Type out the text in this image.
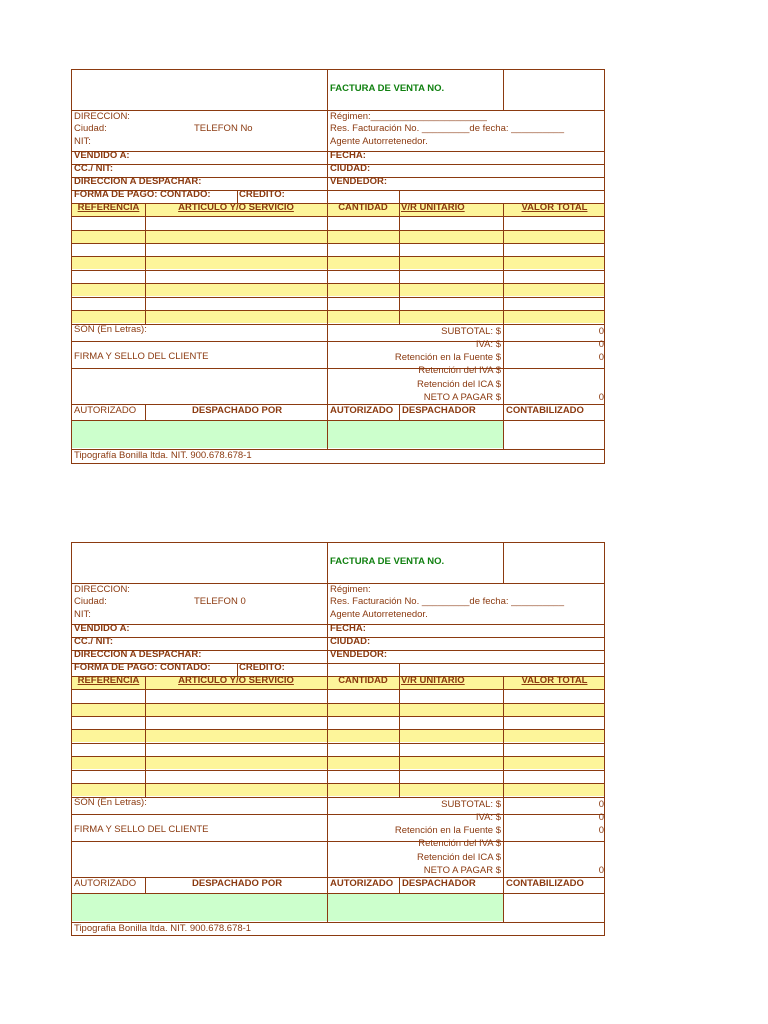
FACTURA DE VENTA NO.
DIRECCION:
Ciudad:	TELEFON No
NIT:
Régimen:______________________
Res. Facturación No. _________de fecha: __________
Agente Autorretenedor.
VENDIDO A:	FECHA:
CC./ NIT:	CIUDAD:
DIRECCION A DESPACHAR:	VENDEDOR:
FORMA DE PAGO: CONTADO:	CREDITO:
REFERENCIA	ARTICULO Y/O SERVICIO	CANTIDAD	V/R UNITARIO	VALOR TOTAL
SON (En Letras):
FIRMA Y SELLO DEL CLIENTE
SUBTOTAL: $	0
IVA: $	0
Retención en la Fuente $	0
Retención del IVA $
Retención del ICA $
NETO A PAGAR $	0
AUTORIZADO	DESPACHADO POR	AUTORIZADO DESPACHADOR	CONTABILIZADO
Tipografía Bonilla ltda. NIT. 900.678.678-1
FACTURA DE VENTA NO.
DIRECCION:
Ciudad:	TELEFON 0
NIT:
Régimen:
Res. Facturación No. _________de fecha: __________
Agente Autorretenedor.
VENDIDO A:	FECHA:
CC./ NIT:	CIUDAD:
DIRECCION A DESPACHAR:	VENDEDOR:
FORMA DE PAGO: CONTADO:	CREDITO:
REFERENCIA	ARTICULO Y/O SERVICIO	CANTIDAD	V/R UNITARIO	VALOR TOTAL
SON (En Letras):
FIRMA Y SELLO DEL CLIENTE
SUBTOTAL: $	0
IVA: $	0
Retención en la Fuente $	0
Retención del IVA $
Retención del ICA $
NETO A PAGAR $	0
AUTORIZADO	DESPACHADO POR	AUTORIZADO DESPACHADOR	CONTABILIZADO
Tipografia Bonilla ltda. NIT. 900.678.678-1
